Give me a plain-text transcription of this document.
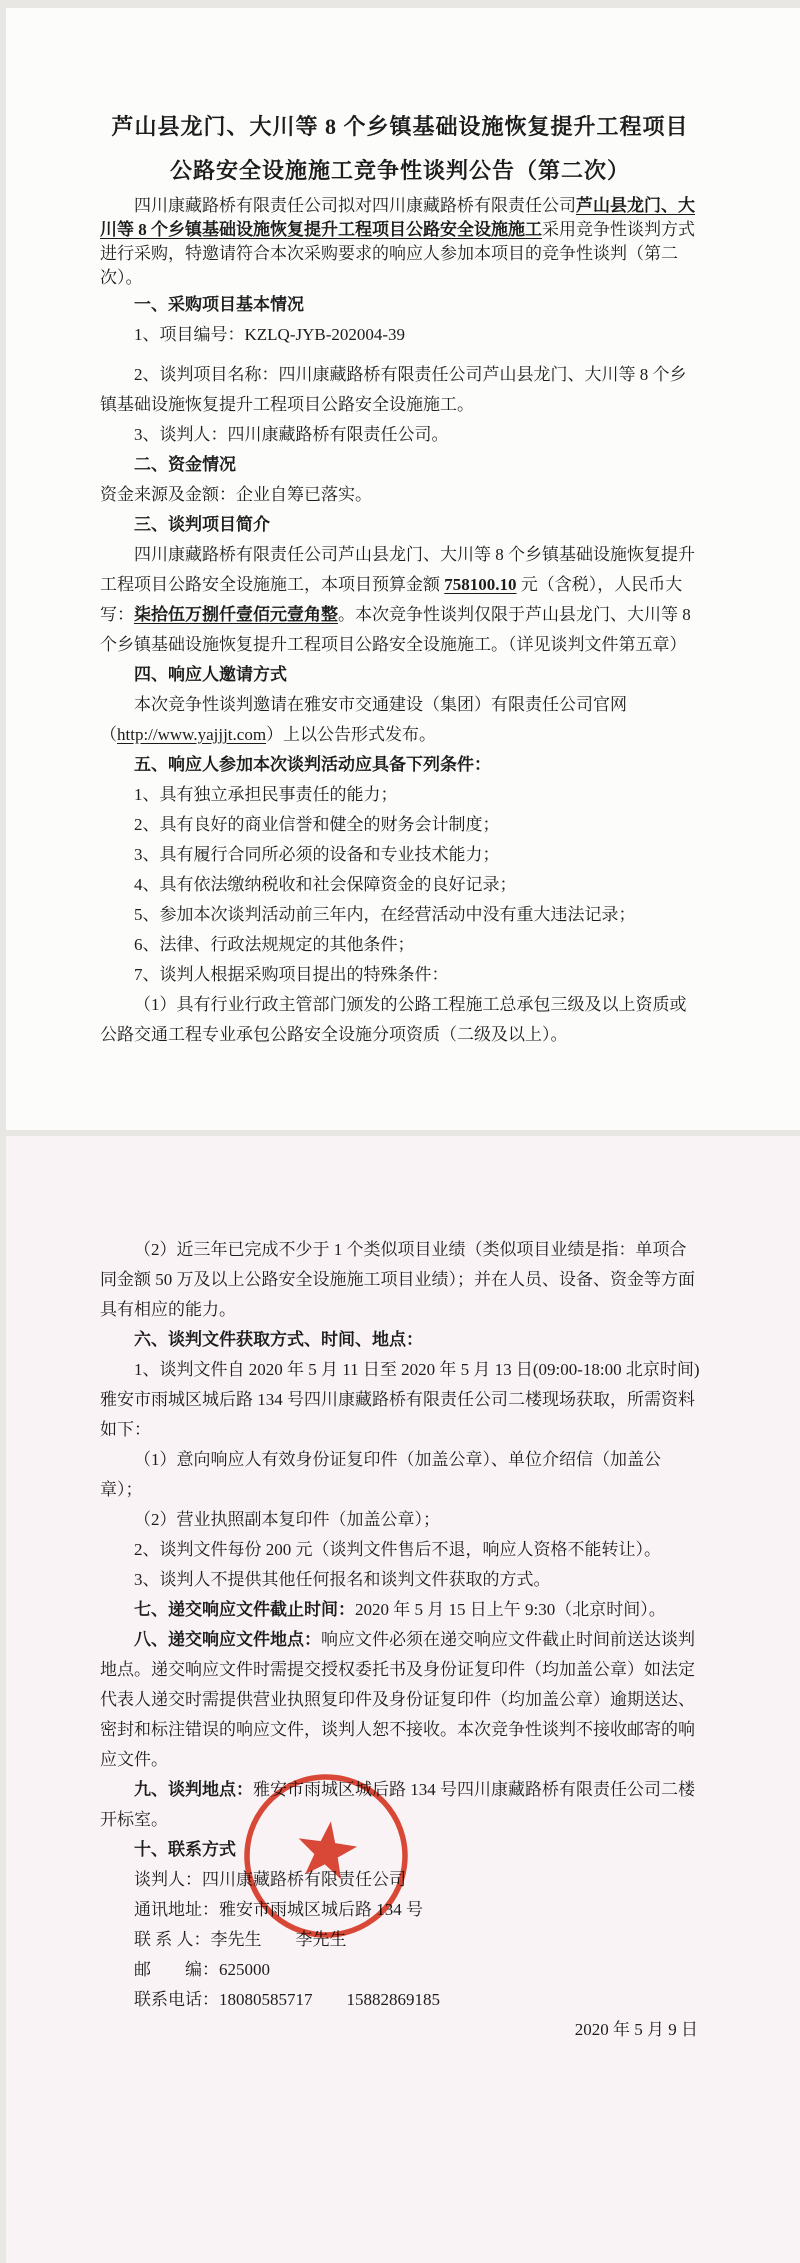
芦山县龙门、大川等 8 个乡镇基础设施恢复提升工程项目

公路安全设施施工竞争性谈判公告（第二次）

四川康藏路桥有限责任公司拟对四川康藏路桥有限责任公司芦山县龙门、大川等 8 个乡镇基础设施恢复提升工程项目公路安全设施施工采用竞争性谈判方式进行采购，特邀请符合本次采购要求的响应人参加本项目的竞争性谈判（第二次）。

一、采购项目基本情况

1、项目编号：KZLQ-JYB-202004-39

2、谈判项目名称：四川康藏路桥有限责任公司芦山县龙门、大川等 8 个乡镇基础设施恢复提升工程项目公路安全设施施工。

3、谈判人：四川康藏路桥有限责任公司。

二、资金情况

资金来源及金额：企业自筹已落实。

三、谈判项目简介

四川康藏路桥有限责任公司芦山县龙门、大川等 8 个乡镇基础设施恢复提升工程项目公路安全设施施工，本项目预算金额 758100.10 元（含税），人民币大写：柒拾伍万捌仟壹佰元壹角整。本次竞争性谈判仅限于芦山县龙门、大川等 8 个乡镇基础设施恢复提升工程项目公路安全设施施工。（详见谈判文件第五章）

四、响应人邀请方式

本次竞争性谈判邀请在雅安市交通建设（集团）有限责任公司官网（http://www.yajjjt.com）上以公告形式发布。

五、响应人参加本次谈判活动应具备下列条件：

1、具有独立承担民事责任的能力；

2、具有良好的商业信誉和健全的财务会计制度；

3、具有履行合同所必须的设备和专业技术能力；

4、具有依法缴纳税收和社会保障资金的良好记录；

5、参加本次谈判活动前三年内，在经营活动中没有重大违法记录；

6、法律、行政法规规定的其他条件；

7、谈判人根据采购项目提出的特殊条件：

（1）具有行业行政主管部门颁发的公路工程施工总承包三级及以上资质或公路交通工程专业承包公路安全设施分项资质（二级及以上）。

（2）近三年已完成不少于 1 个类似项目业绩（类似项目业绩是指：单项合同金额 50 万及以上公路安全设施施工项目业绩）；并在人员、设备、资金等方面具有相应的能力。

六、谈判文件获取方式、时间、地点：

1、谈判文件自 2020 年 5 月 11 日至 2020 年 5 月 13 日(09:00-18:00 北京时间) 雅安市雨城区城后路 134 号四川康藏路桥有限责任公司二楼现场获取，所需资料如下：

（1）意向响应人有效身份证复印件（加盖公章）、单位介绍信（加盖公章）；

（2）营业执照副本复印件（加盖公章）；

2、谈判文件每份 200 元（谈判文件售后不退，响应人资格不能转让）。

3、谈判人不提供其他任何报名和谈判文件获取的方式。

七、递交响应文件截止时间：2020 年 5 月 15 日上午 9:30（北京时间）。

八、递交响应文件地点：响应文件必须在递交响应文件截止时间前送达谈判地点。递交响应文件时需提交授权委托书及身份证复印件（均加盖公章）如法定代表人递交时需提供营业执照复印件及身份证复印件（均加盖公章）逾期送达、密封和标注错误的响应文件，谈判人恕不接收。本次竞争性谈判不接收邮寄的响应文件。

九、谈判地点：雅安市雨城区城后路 134 号四川康藏路桥有限责任公司二楼开标室。

十、联系方式

谈判人：四川康藏路桥有限责任公司

通讯地址：雅安市雨城区城后路 134 号

联 系 人：李先生　　李先生

邮　　编：625000

联系电话：18080585717　　15882869185

2020 年 5 月 9 日
